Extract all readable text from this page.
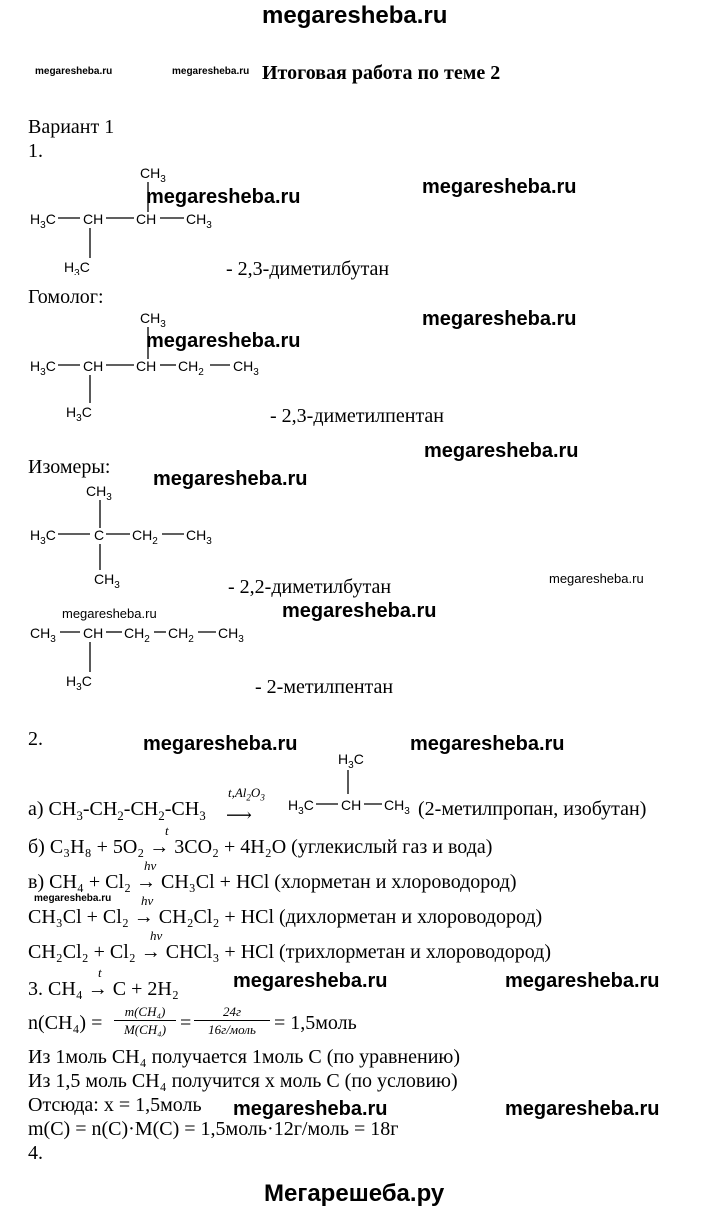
megaresheba.ru
megaresheba.ru	megaresheba.ru Итоговая работа по теме 2
Вариант 1
1.
$CH_3$
$H_3C$ CH CH $CH_3$
$H_3C$	- 2,3-диметилбутан
Гомолог:
$CH_3$
$H_3C$ CH CH $CH_2$ $CH_3$
$H_3C$	- 2,3-диметилпентан
Изомеры:
$CH_3$
$H_3C$	C $CH_2$ $CH_3$
$CH_3$	- 2,2-диметилбутан
$CH_3$ CH $CH_2$ $CH_2$ $CH_3$
$H_3C$	- 2-метилпентан
2.
а) $CH_3-CH_2-CH_2-CH_3$
$t,Al_2O_3$
⟶
$H_3C$
$H_3C$ CH $CH_3$ (2-метилпропан, изобутан)
t
б) C₃H₈ + 5O₂ → 3CO₂ + 4H₂O (углекислый газ и вода)
hν
в) CH₄ + Cl₂ → CH₃Cl + HCl (хлорметан и хлороводород)
hν
CH₃Cl + Cl₂ → CH₂Cl₂ + HCl (дихлорметан и хлороводород)
hν
CH₂Cl₂ + Cl₂ → CHCl₃ + HCl (трихлорметан и хлороводород)
t
3. CH₄ → C + 2H₂
n(CH₄) =
m(CH₄)
M(CH₄) =
24г
16г/моль = 1,5моль
Из 1моль CH₄ получается 1моль C (по уравнению)
Из 1,5 моль CH₄ получится x моль C (по условию)
Отсюда: x = 1,5моль
m(C) = n(C)·M(C) = 1,5моль·12г/моль = 18г
4.
megaresheba.ru	megaresheba.ru
megaresheba.ru
megaresheba.ru
megaresheba.ru
megaresheba.ru
megaresheba.ru
megaresheba.ru	megaresheba.ru
megaresheba.ru	megaresheba.ru
megaresheba.ru
megaresheba.ru	megaresheba.ru
megaresheba.ru	megaresheba.ru
Мегарешеба.ру
